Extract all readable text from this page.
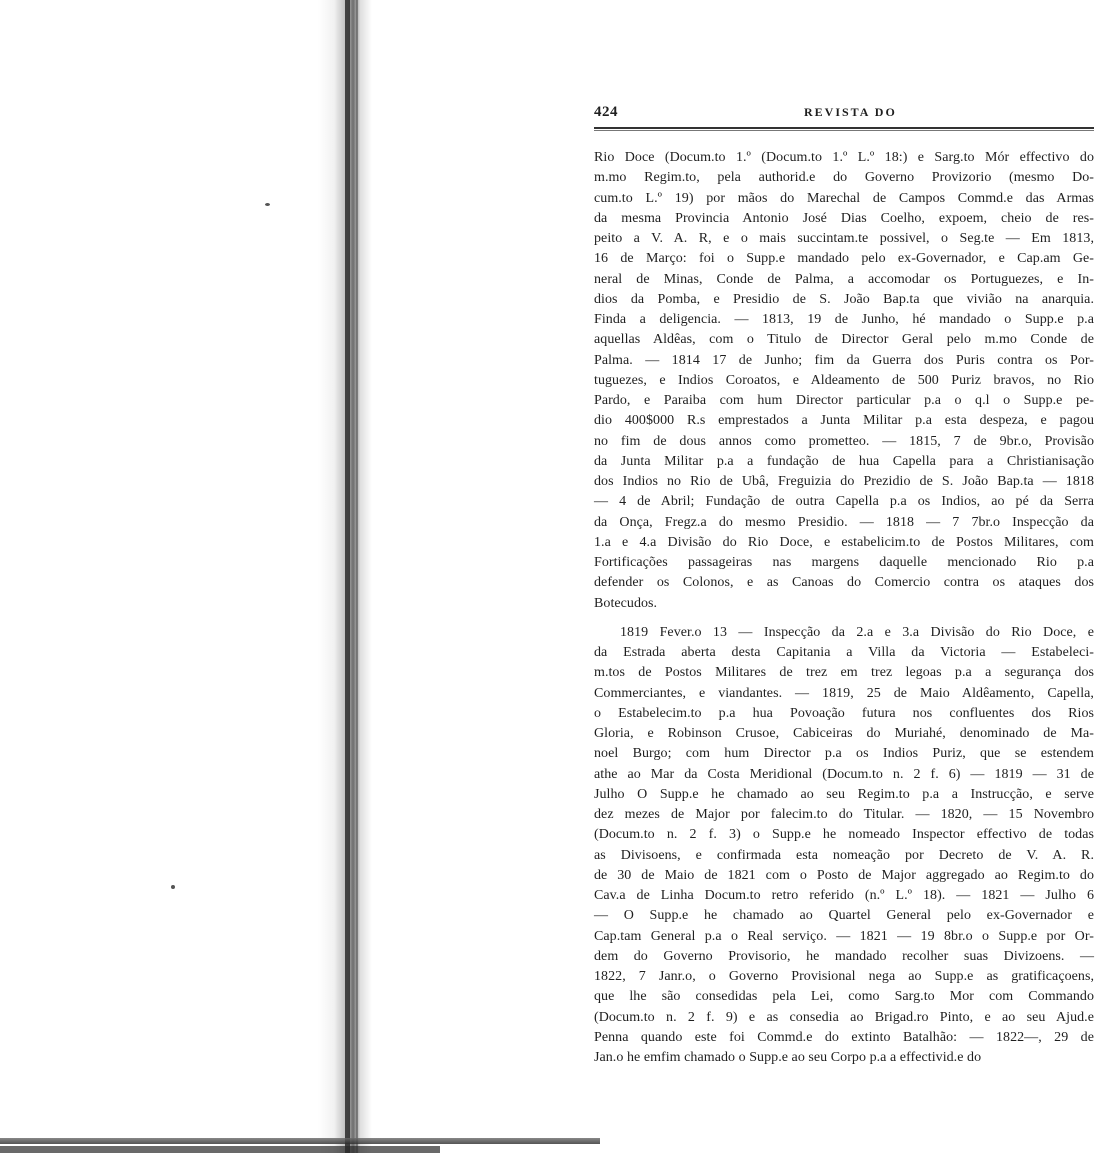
424	REVISTA DO
Rio Doce (Docum.to 1.º (Docum.to 1.º L.º 18:) e Sarg.to Mór effectivo do
m.mo Regim.to, pela authorid.e do Governo Provizorio (mesmo Do-
cum.to L.º 19) por mãos do Marechal de Campos Commd.e das Armas
da mesma Provincia Antonio José Dias Coelho, expoem, cheio de res-
peito a V. A. R, e o mais succintam.te possivel, o Seg.te — Em 1813,
16 de Março: foi o Supp.e mandado pelo ex-Governador, e Cap.am Ge-
neral de Minas, Conde de Palma, a accomodar os Portuguezes, e In-
dios da Pomba, e Presidio de S. João Bap.ta que vivião na anarquia.
Finda a deligencia. — 1813, 19 de Junho, hé mandado o Supp.e p.a
aquellas Aldêas, com o Titulo de Director Geral pelo m.mo Conde de
Palma. — 1814 17 de Junho; fim da Guerra dos Puris contra os Por-
tuguezes, e Indios Coroatos, e Aldeamento de 500 Puriz bravos, no Rio
Pardo, e Paraiba com hum Director particular p.a o q.l o Supp.e pe-
dio 400$000 R.s emprestados a Junta Militar p.a esta despeza, e pagou
no fim de dous annos como prometteo. — 1815, 7 de 9br.o, Provisão
da Junta Militar p.a a fundação de hua Capella para a Christianisação
dos Indios no Rio de Ubâ, Freguizia do Prezidio de S. João Bap.ta — 1818
— 4 de Abril; Fundação de outra Capella p.a os Indios, ao pé da Serra
da Onça, Fregz.a do mesmo Presidio. — 1818 — 7 7br.o Inspecção da
1.a e 4.a Divisão do Rio Doce, e estabelicim.to de Postos Militares, com
Fortificações passageiras nas margens daquelle mencionado Rio p.a
defender os Colonos, e as Canoas do Comercio contra os ataques dos
Botecudos.
1819 Fever.o 13 — Inspecção da 2.a e 3.a Divisão do Rio Doce, e
da Estrada aberta desta Capitania a Villa da Victoria — Estabeleci-
m.tos de Postos Militares de trez em trez legoas p.a a segurança dos
Commerciantes, e viandantes. — 1819, 25 de Maio Aldêamento, Capella,
o Estabelecim.to p.a hua Povoação futura nos confluentes dos Rios
Gloria, e Robinson Crusoe, Cabiceiras do Muriahé, denominado de Ma-
noel Burgo; com hum Director p.a os Indios Puriz, que se estendem
athe ao Mar da Costa Meridional (Docum.to n. 2 f. 6) — 1819 — 31 de
Julho O Supp.e he chamado ao seu Regim.to p.a a Instrucção, e serve
dez mezes de Major por falecim.to do Titular. — 1820, — 15 Novembro
(Docum.to n. 2 f. 3) o Supp.e he nomeado Inspector effectivo de todas
as Divisoens, e confirmada esta nomeação por Decreto de V. A. R.
de 30 de Maio de 1821 com o Posto de Major aggregado ao Regim.to do
Cav.a de Linha Docum.to retro referido (n.º L.º 18). — 1821 — Julho 6
— O Supp.e he chamado ao Quartel General pelo ex-Governador e
Cap.tam General p.a o Real serviço. — 1821 — 19 8br.o o Supp.e por Or-
dem do Governo Provisorio, he mandado recolher suas Divizoens. —
1822, 7 Janr.o, o Governo Provisional nega ao Supp.e as gratificaçoens,
que lhe são consedidas pela Lei, como Sarg.to Mor com Commando
(Docum.to n. 2 f. 9) e as consedia ao Brigad.ro Pinto, e ao seu Ajud.e
Penna quando este foi Commd.e do extinto Batalhão: — 1822—, 29 de
Jan.o he emfim chamado o Supp.e ao seu Corpo p.a a effectivid.e do
